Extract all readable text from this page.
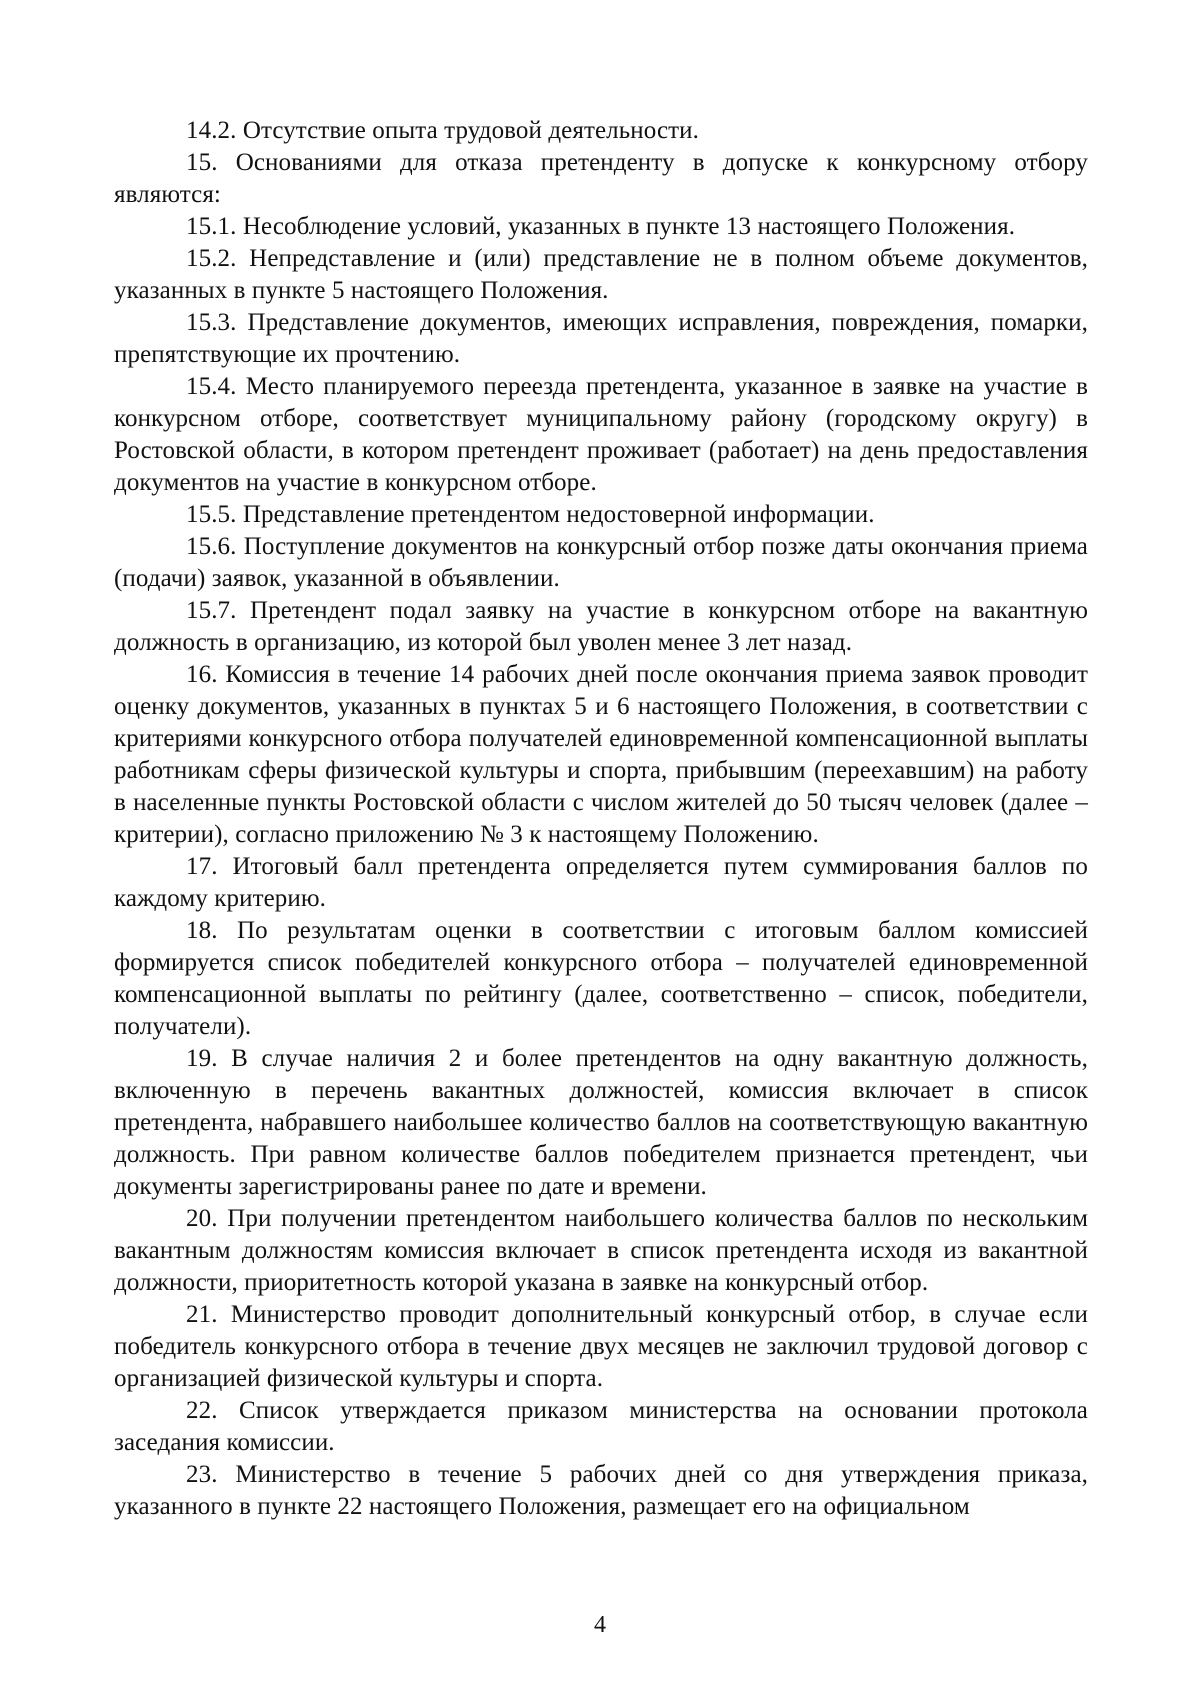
14.2. Отсутствие опыта трудовой деятельности.

15. Основаниями для отказа претенденту в допуске к конкурсному отбору являются:

15.1. Несоблюдение условий, указанных в пункте 13 настоящего Положения.

15.2. Непредставление и (или) представление не в полном объеме документов, указанных в пункте 5 настоящего Положения.

15.3. Представление документов, имеющих исправления, повреждения, помарки, препятствующие их прочтению.

15.4. Место планируемого переезда претендента, указанное в заявке на участие в конкурсном отборе, соответствует муниципальному району (городскому округу) в Ростовской области, в котором претендент проживает (работает) на день предоставления документов на участие в конкурсном отборе.

15.5. Представление претендентом недостоверной информации.

15.6. Поступление документов на конкурсный отбор позже даты окончания приема (подачи) заявок, указанной в объявлении.

15.7. Претендент подал заявку на участие в конкурсном отборе на вакантную должность в организацию, из которой был уволен менее 3 лет назад.

16. Комиссия в течение 14 рабочих дней после окончания приема заявок проводит оценку документов, указанных в пунктах 5 и 6 настоящего Положения, в соответствии с критериями конкурсного отбора получателей единовременной компенсационной выплаты работникам сферы физической культуры и спорта, прибывшим (переехавшим) на работу в населенные пункты Ростовской области с числом жителей до 50 тысяч человек (далее – критерии), согласно приложению № 3 к настоящему Положению.

17. Итоговый балл претендента определяется путем суммирования баллов по каждому критерию.

18. По результатам оценки в соответствии с итоговым баллом комиссией формируется список победителей конкурсного отбора – получателей единовременной компенсационной выплаты по рейтингу (далее, соответственно – список, победители, получатели).

19. В случае наличия 2 и более претендентов на одну вакантную должность, включенную в перечень вакантных должностей, комиссия включает в список претендента, набравшего наибольшее количество баллов на соответствующую вакантную должность. При равном количестве баллов победителем признается претендент, чьи документы зарегистрированы ранее по дате и времени.

20. При получении претендентом наибольшего количества баллов по нескольким вакантным должностям комиссия включает в список претендента исходя из вакантной должности, приоритетность которой указана в заявке на конкурсный отбор.

21. Министерство проводит дополнительный конкурсный отбор, в случае если победитель конкурсного отбора в течение двух месяцев не заключил трудовой договор с организацией физической культуры и спорта.

22. Список утверждается приказом министерства на основании протокола заседания комиссии.

23. Министерство в течение 5 рабочих дней со дня утверждения приказа, указанного в пункте 22 настоящего Положения, размещает его на официальном

4
